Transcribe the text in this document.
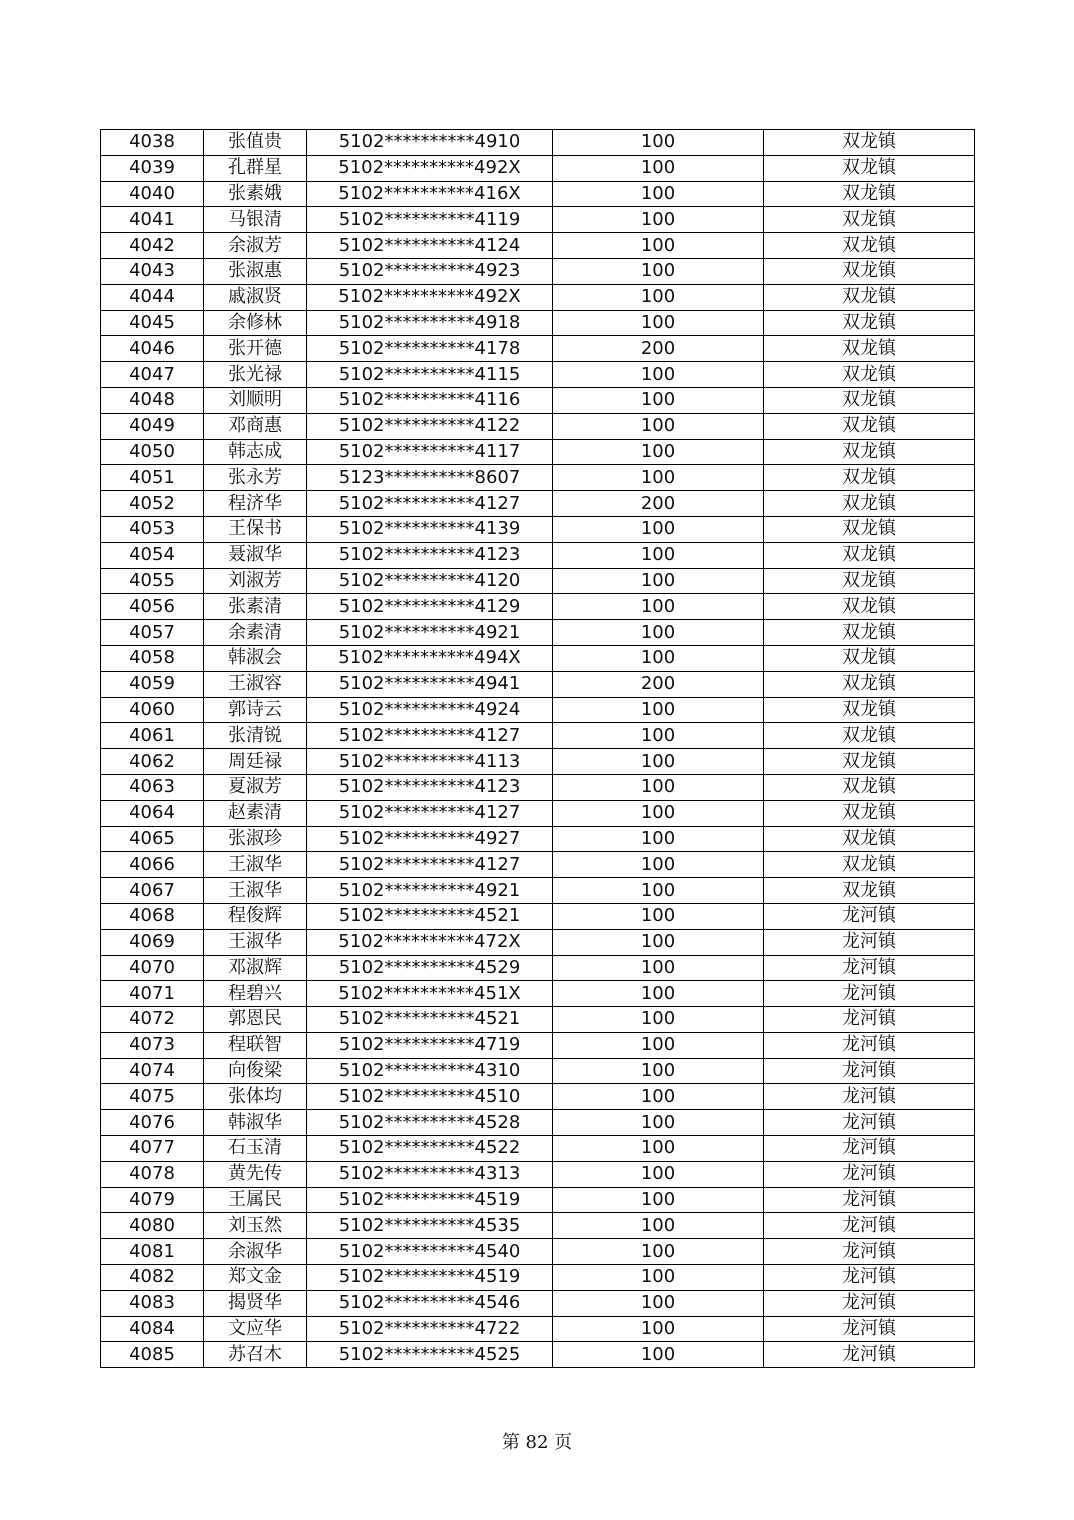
4038	张值贵	5102**********4910	100	双龙镇
4039	孔群星	5102**********492X	100	双龙镇
4040	张素娥	5102**********416X	100	双龙镇
4041	马银清	5102**********4119	100	双龙镇
4042	余淑芳	5102**********4124	100	双龙镇
4043	张淑惠	5102**********4923	100	双龙镇
4044	戚淑贤	5102**********492X	100	双龙镇
4045	余修林	5102**********4918	100	双龙镇
4046	张开德	5102**********4178	200	双龙镇
4047	张光禄	5102**********4115	100	双龙镇
4048	刘顺明	5102**********4116	100	双龙镇
4049	邓商惠	5102**********4122	100	双龙镇
4050	韩志成	5102**********4117	100	双龙镇
4051	张永芳	5123**********8607	100	双龙镇
4052	程济华	5102**********4127	200	双龙镇
4053	王保书	5102**********4139	100	双龙镇
4054	聂淑华	5102**********4123	100	双龙镇
4055	刘淑芳	5102**********4120	100	双龙镇
4056	张素清	5102**********4129	100	双龙镇
4057	余素清	5102**********4921	100	双龙镇
4058	韩淑会	5102**********494X	100	双龙镇
4059	王淑容	5102**********4941	200	双龙镇
4060	郭诗云	5102**********4924	100	双龙镇
4061	张清锐	5102**********4127	100	双龙镇
4062	周廷禄	5102**********4113	100	双龙镇
4063	夏淑芳	5102**********4123	100	双龙镇
4064	赵素清	5102**********4127	100	双龙镇
4065	张淑珍	5102**********4927	100	双龙镇
4066	王淑华	5102**********4127	100	双龙镇
4067	王淑华	5102**********4921	100	双龙镇
4068	程俊辉	5102**********4521	100	龙河镇
4069	王淑华	5102**********472X	100	龙河镇
4070	邓淑辉	5102**********4529	100	龙河镇
4071	程碧兴	5102**********451X	100	龙河镇
4072	郭恩民	5102**********4521	100	龙河镇
4073	程联智	5102**********4719	100	龙河镇
4074	向俊梁	5102**********4310	100	龙河镇
4075	张体均	5102**********4510	100	龙河镇
4076	韩淑华	5102**********4528	100	龙河镇
4077	石玉清	5102**********4522	100	龙河镇
4078	黄先传	5102**********4313	100	龙河镇
4079	王属民	5102**********4519	100	龙河镇
4080	刘玉然	5102**********4535	100	龙河镇
4081	余淑华	5102**********4540	100	龙河镇
4082	郑文金	5102**********4519	100	龙河镇
4083	揭贤华	5102**********4546	100	龙河镇
4084	文应华	5102**********4722	100	龙河镇
4085	苏召木	5102**********4525	100	龙河镇
第 82 页
